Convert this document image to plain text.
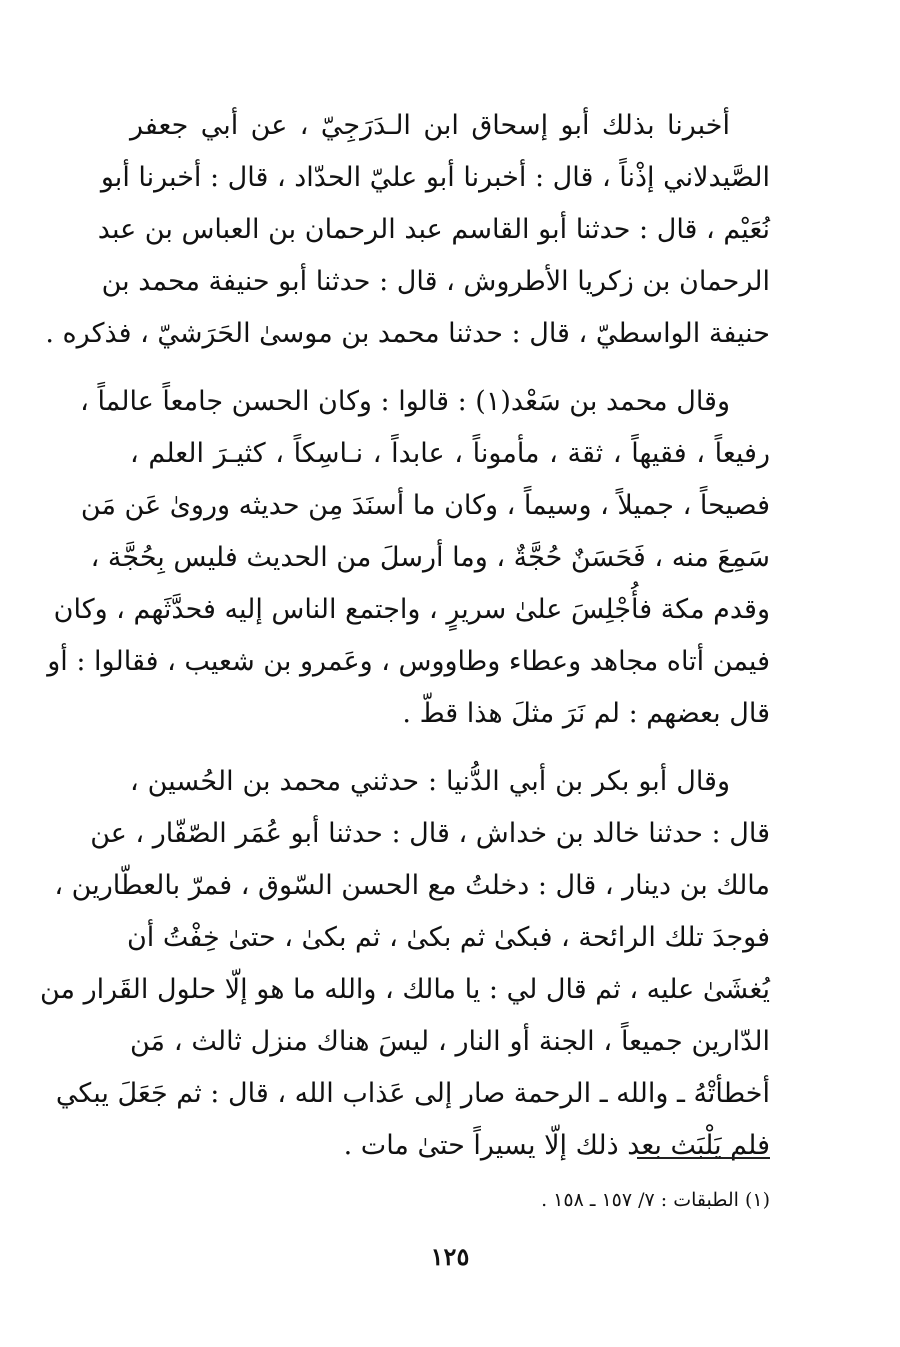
أخبرنا بذلك أبو إسحاق ابن الـدَرَجِيّ ، عن أبي جعفر
الصَّيدلاني إذْناً ، قال : أخبرنا أبو عليّ الحدّاد ، قال : أخبرنا أبو
نُعَيْم ، قال : حدثنا أبو القاسم عبد الرحمان بن العباس بن عبد
الرحمان بن زكريا الأطروش ، قال : حدثنا أبو حنيفة محمد بن
حنيفة الواسطيّ ، قال : حدثنا محمد بن موسىٰ الحَرَشيّ ، فذكره .

وقال محمد بن سَعْد(١) : قالوا : وكان الحسن جامعاً عالماً ،
رفيعاً ، فقيهاً ، ثقة ، مأموناً ، عابداً ، نـاسِكاً ، كثيـرَ العلم ،
فصيحاً ، جميلاً ، وسيماً ، وكان ما أسنَدَ مِن حديثه وروىٰ عَن مَن
سَمِعَ منه ، فَحَسَنٌ حُجَّةٌ ، وما أرسلَ من الحديث فليس بِحُجَّة ،
وقدم مكة فأُجْلِسَ علىٰ سريرٍ ، واجتمع الناس إليه فحدَّثَهم ، وكان
فيمن أتاه مجاهد وعطاء وطاووس ، وعَمرو بن شعيب ، فقالوا : أو
قال بعضهم : لم نَرَ مثلَ هذا قطّ .

وقال أبو بكر بن أبي الدُّنيا : حدثني محمد بن الحُسين ،
قال : حدثنا خالد بن خداش ، قال : حدثنا أبو عُمَر الصّفّار ، عن
مالك بن دينار ، قال : دخلتُ مع الحسن السّوق ، فمرّ بالعطّارين ،
فوجدَ تلك الرائحة ، فبكىٰ ثم بكىٰ ، ثم بكىٰ ، حتىٰ خِفْتُ أن
يُغشَىٰ عليه ، ثم قال لي : يا مالك ، والله ما هو إلّا حلول القَرار من
الدّارين جميعاً ، الجنة أو النار ، ليسَ هناك منزل ثالث ، مَن
أخطأتْهُ ـ والله ـ الرحمة صار إلى عَذاب الله ، قال : ثم جَعَلَ يبكي
فلم يَلْبَث بعد ذلك إلّا يسيراً حتىٰ مات .

(١) الطبقات : ٧/ ١٥٧ ـ ١٥٨ .
١٢٥
